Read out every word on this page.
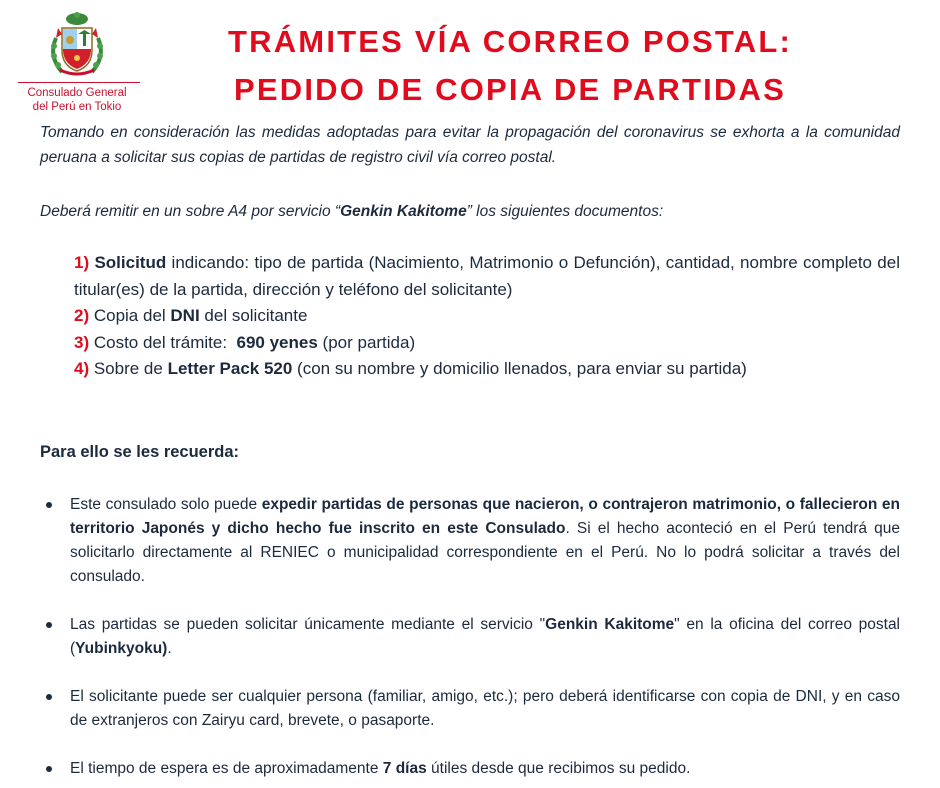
Consulado General
del Perú en Tokio
TRÁMITES VÍA CORREO POSTAL:
PEDIDO DE COPIA DE PARTIDAS

Tomando en consideración las medidas adoptadas para evitar la propagación del coronavirus se exhorta a la comunidad peruana a solicitar sus copias de partidas de registro civil vía correo postal.

Deberá remitir en un sobre A4 por servicio “Genkin Kakitome” los siguientes documentos:

1) Solicitud indicando: tipo de partida (Nacimiento, Matrimonio o Defunción), cantidad, nombre completo del titular(es) de la partida, dirección y teléfono del solicitante)

2) Copia del DNI del solicitante

3) Costo del trámite:  690 yenes (por partida)

4) Sobre de Letter Pack 520 (con su nombre y domicilio llenados, para enviar su partida)

Para ello se les recuerda:
Este consulado solo puede expedir partidas de personas que nacieron, o contrajeron matrimonio, o fallecieron en territorio Japonés y dicho hecho fue inscrito en este Consulado. Si el hecho aconteció en el Perú tendrá que solicitarlo directamente al RENIEC o municipalidad correspondiente en el Perú. No lo podrá solicitar a través del consulado.
Las partidas se pueden solicitar únicamente mediante el servicio "Genkin Kakitome" en la oficina del correo postal (Yubinkyoku).
El solicitante puede ser cualquier persona (familiar, amigo, etc.); pero deberá identificarse con copia de DNI, y en caso de extranjeros con Zairyu card, brevete, o pasaporte.
El tiempo de espera es de aproximadamente 7 días útiles desde que recibimos su pedido.
